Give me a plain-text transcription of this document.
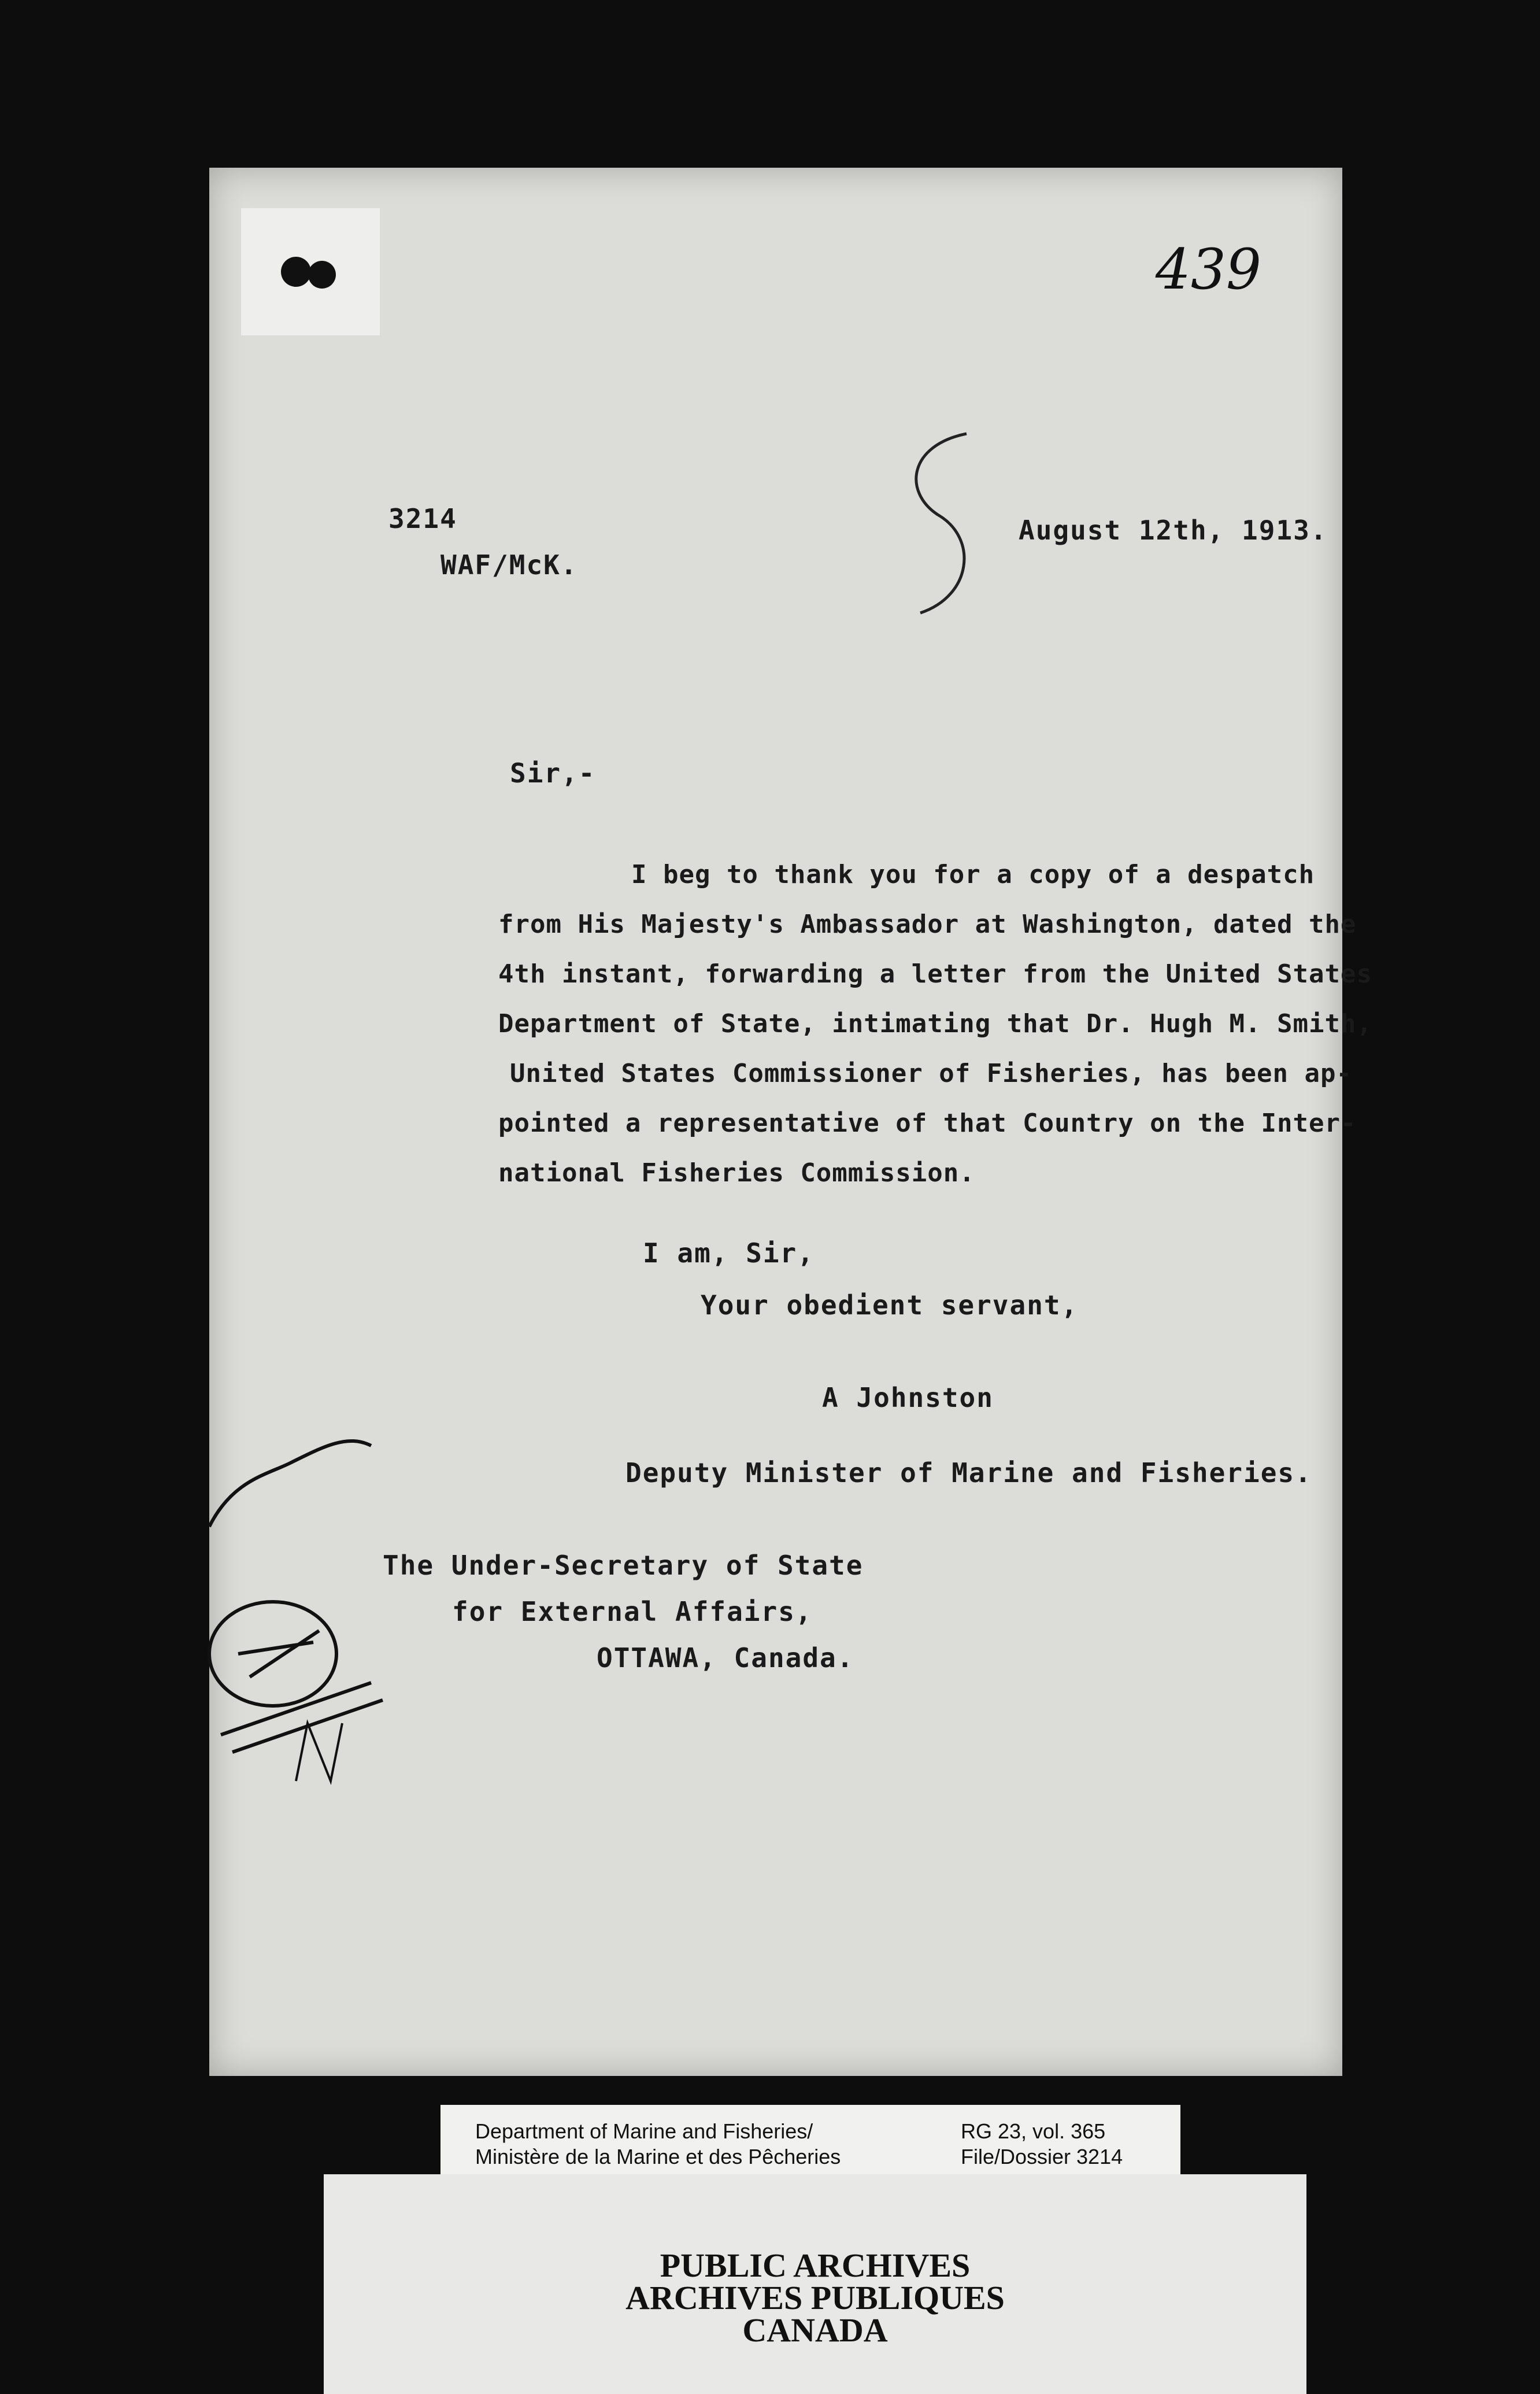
439
3214
WAF/McK.
August 12th, 1913.
Sir,-
I beg to thank you for a copy of a despatch
from His Majesty's Ambassador at Washington, dated the
4th instant, forwarding a letter from the United States
Department of State, intimating that Dr. Hugh M. Smith,
United States Commissioner of Fisheries, has been ap-
pointed a representative of that Country on the Inter-
national Fisheries Commission.
I am, Sir,
Your obedient servant,
A Johnston
Deputy Minister of Marine and Fisheries.
The Under-Secretary of State
for External Affairs,
OTTAWA, Canada.
Department of Marine and Fisheries/
Ministère de la Marine et des Pêcheries
RG 23, vol. 365
File/Dossier 3214
PUBLIC ARCHIVES
ARCHIVES PUBLIQUES
CANADA
